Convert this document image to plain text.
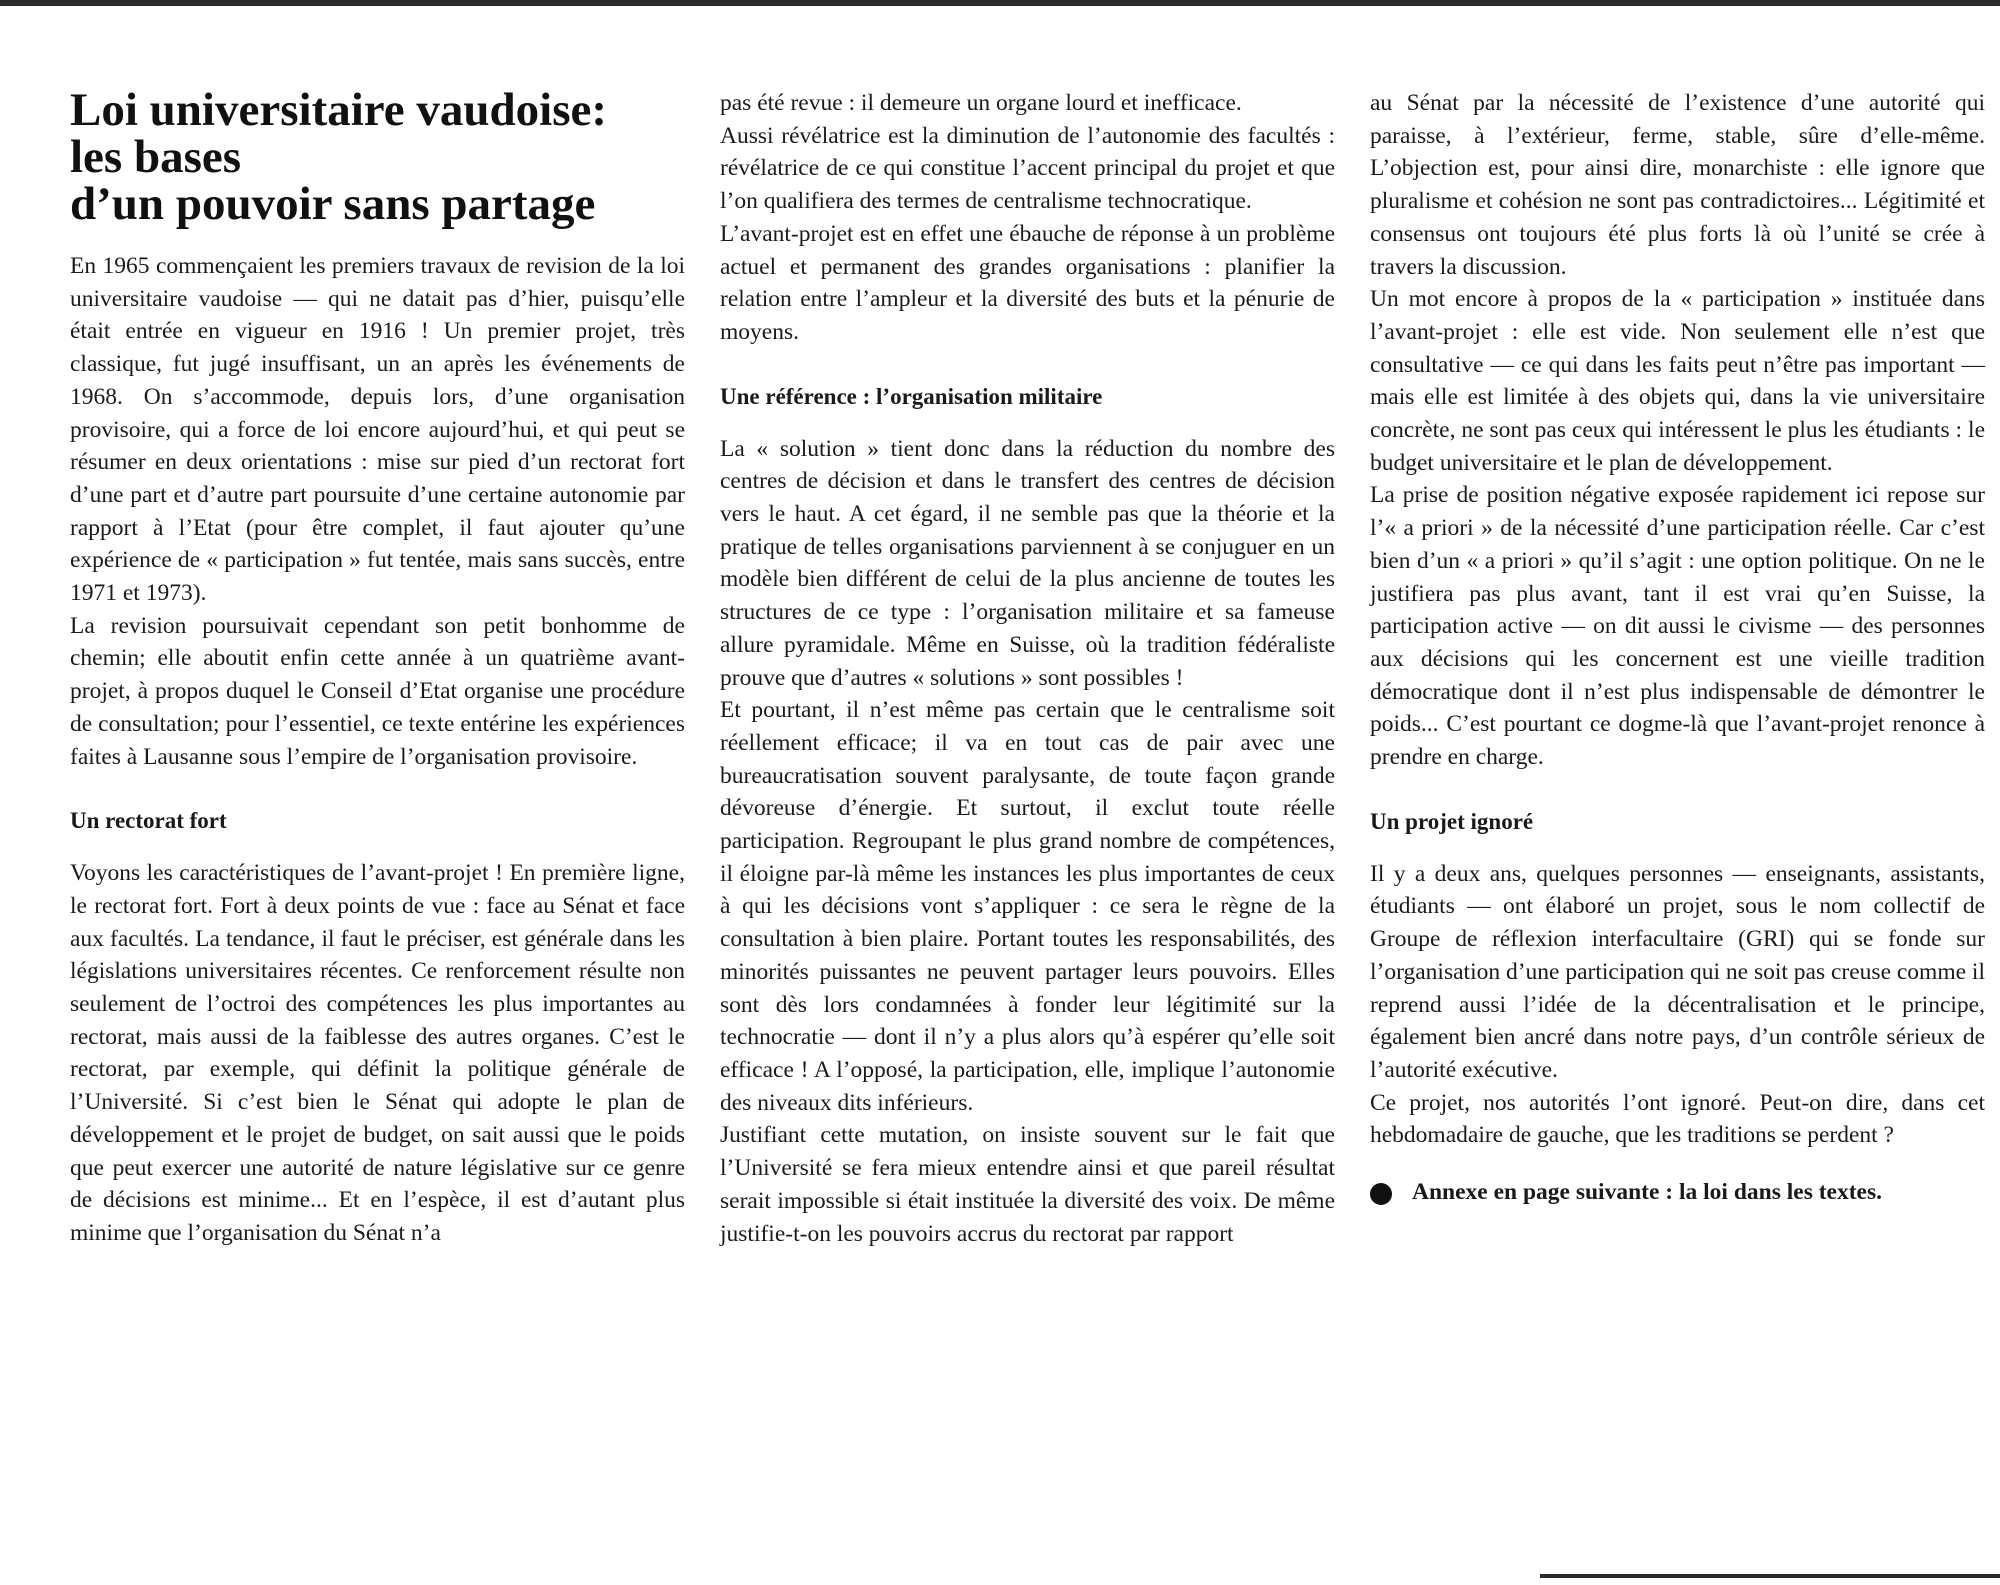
Loi universitaire vaudoise:
les bases
d’un pouvoir sans partage

En 1965 commençaient les premiers travaux de revision de la loi universitaire vaudoise — qui ne datait pas d’hier, puisqu’elle était entrée en vigueur en 1916 ! Un premier projet, très classique, fut jugé insuffisant, un an après les événements de 1968. On s’accommode, depuis lors, d’une organisation provisoire, qui a force de loi encore aujourd’hui, et qui peut se résumer en deux orientations : mise sur pied d’un rectorat fort d’une part et d’autre part poursuite d’une certaine autonomie par rapport à l’Etat (pour être complet, il faut ajouter qu’une expérience de « participation » fut tentée, mais sans succès, entre 1971 et 1973).

La revision poursuivait cependant son petit bonhomme de chemin; elle aboutit enfin cette année à un quatrième avant-projet, à propos duquel le Conseil d’Etat organise une procédure de consultation; pour l’essentiel, ce texte entérine les expériences faites à Lausanne sous l’empire de l’organisation provisoire.

Un rectorat fort

Voyons les caractéristiques de l’avant-projet ! En première ligne, le rectorat fort. Fort à deux points de vue : face au Sénat et face aux facultés. La tendance, il faut le préciser, est générale dans les législations universitaires récentes. Ce renforcement résulte non seulement de l’octroi des compétences les plus importantes au rectorat, mais aussi de la faiblesse des autres organes. C’est le rectorat, par exemple, qui définit la politique générale de l’Université. Si c’est bien le Sénat qui adopte le plan de développement et le projet de budget, on sait aussi que le poids que peut exercer une autorité de nature législative sur ce genre de décisions est minime... Et en l’espèce, il est d’autant plus minime que l’organisation du Sénat n’a

pas été revue : il demeure un organe lourd et inefficace.

Aussi révélatrice est la diminution de l’autonomie des facultés : révélatrice de ce qui constitue l’accent principal du projet et que l’on qualifiera des termes de centralisme technocratique.

L’avant-projet est en effet une ébauche de réponse à un problème actuel et permanent des grandes organisations : planifier la relation entre l’ampleur et la diversité des buts et la pénurie de moyens.

Une référence : l’organisation militaire

La « solution » tient donc dans la réduction du nombre des centres de décision et dans le transfert des centres de décision vers le haut. A cet égard, il ne semble pas que la théorie et la pratique de telles organisations parviennent à se conjuguer en un modèle bien différent de celui de la plus ancienne de toutes les structures de ce type : l’organisation militaire et sa fameuse allure pyramidale. Même en Suisse, où la tradition fédéraliste prouve que d’autres « solutions » sont possibles !

Et pourtant, il n’est même pas certain que le centralisme soit réellement efficace; il va en tout cas de pair avec une bureaucratisation souvent paralysante, de toute façon grande dévoreuse d’énergie. Et surtout, il exclut toute réelle participation. Regroupant le plus grand nombre de compétences, il éloigne par-là même les instances les plus importantes de ceux à qui les décisions vont s’appliquer : ce sera le règne de la consultation à bien plaire. Portant toutes les responsabilités, des minorités puissantes ne peuvent partager leurs pouvoirs. Elles sont dès lors condamnées à fonder leur légitimité sur la technocratie — dont il n’y a plus alors qu’à espérer qu’elle soit efficace ! A l’opposé, la participation, elle, implique l’autonomie des niveaux dits inférieurs.

Justifiant cette mutation, on insiste souvent sur le fait que l’Université se fera mieux entendre ainsi et que pareil résultat serait impossible si était instituée la diversité des voix. De même justifie-t-on les pouvoirs accrus du rectorat par rapport

au Sénat par la nécessité de l’existence d’une autorité qui paraisse, à l’extérieur, ferme, stable, sûre d’elle-même. L’objection est, pour ainsi dire, monarchiste : elle ignore que pluralisme et cohésion ne sont pas contradictoires... Légitimité et consensus ont toujours été plus forts là où l’unité se crée à travers la discussion.

Un mot encore à propos de la « participation » instituée dans l’avant-projet : elle est vide. Non seulement elle n’est que consultative — ce qui dans les faits peut n’être pas important — mais elle est limitée à des objets qui, dans la vie universitaire concrète, ne sont pas ceux qui intéressent le plus les étudiants : le budget universitaire et le plan de développement.

La prise de position négative exposée rapidement ici repose sur l’« a priori » de la nécessité d’une participation réelle. Car c’est bien d’un « a priori » qu’il s’agit : une option politique. On ne le justifiera pas plus avant, tant il est vrai qu’en Suisse, la participation active — on dit aussi le civisme — des personnes aux décisions qui les concernent est une vieille tradition démocratique dont il n’est plus indispensable de démontrer le poids... C’est pourtant ce dogme-là que l’avant-projet renonce à prendre en charge.

Un projet ignoré

Il y a deux ans, quelques personnes — enseignants, assistants, étudiants — ont élaboré un projet, sous le nom collectif de Groupe de réflexion interfacultaire (GRI) qui se fonde sur l’organisation d’une participation qui ne soit pas creuse comme il reprend aussi l’idée de la décentralisation et le principe, également bien ancré dans notre pays, d’un contrôle sérieux de l’autorité exécutive.

Ce projet, nos autorités l’ont ignoré. Peut-on dire, dans cet hebdomadaire de gauche, que les traditions se perdent ?

Annexe en page suivante : la loi dans les textes.
